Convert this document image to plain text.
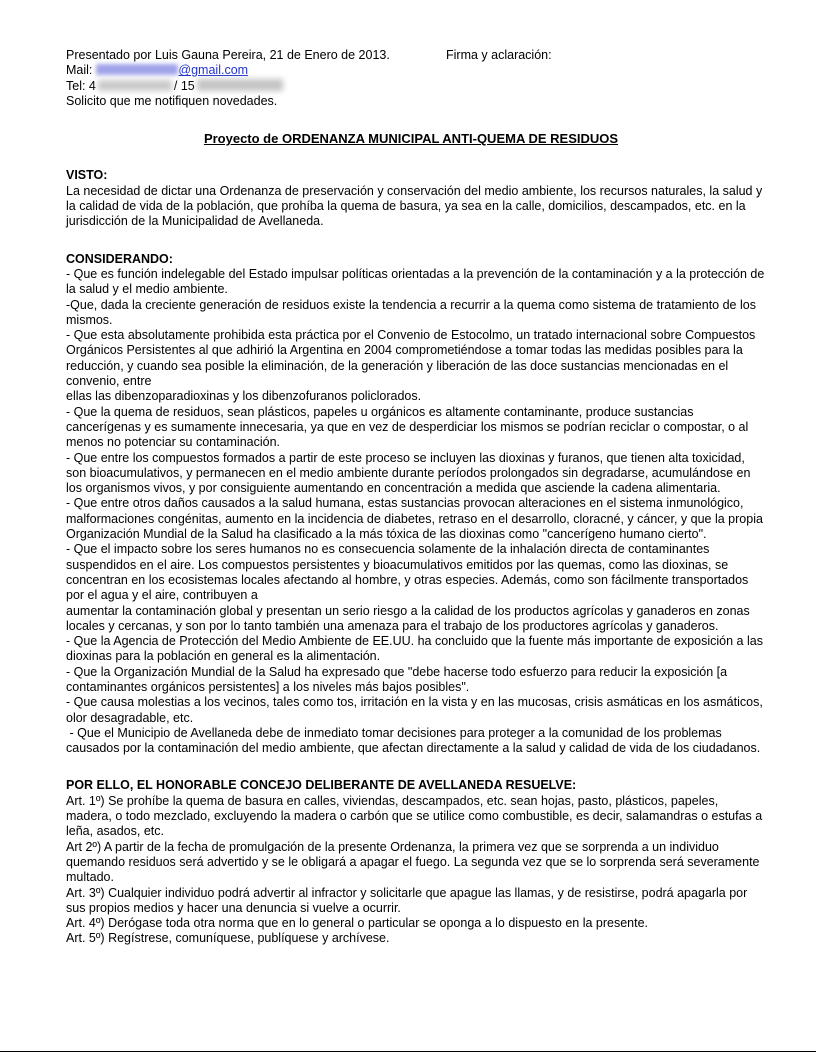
Presentado por Luis Gauna Pereira, 21 de Enero de 2013.	Firma y aclaración:
Mail:	@gmail.com
Tel: 4	/ 15
Solicito que me notifiquen novedades.
Proyecto de ORDENANZA MUNICIPAL ANTI-QUEMA DE RESIDUOS
VISTO:

La necesidad de dictar una Ordenanza de preservación y conservación del medio ambiente, los recursos naturales, la salud y la calidad de vida de la población, que prohíba la quema de basura, ya sea en la calle, domicilios, descampados, etc. en la jurisdicción de la Municipalidad de Avellaneda.

CONSIDERANDO:

- Que es función indelegable del Estado impulsar políticas orientadas a la prevención de la contaminación y a la protección de la salud y el medio ambiente.

-Que, dada la creciente generación de residuos existe la tendencia a recurrir a la quema como sistema de tratamiento de los mismos.

- Que esta absolutamente prohibida esta práctica por el Convenio de Estocolmo, un tratado internacional sobre Compuestos Orgánicos Persistentes al que adhirió la Argentina en 2004 comprometiéndose a tomar todas las medidas posibles para la reducción, y cuando sea posible la eliminación, de la generación y liberación de las doce sustancias mencionadas en el convenio, entre

ellas las dibenzoparadioxinas y los dibenzofuranos policlorados.

- Que la quema de residuos, sean plásticos, papeles u orgánicos es altamente contaminante, produce sustancias cancerígenas y es sumamente innecesaria, ya que en vez de desperdiciar los mismos se podrían reciclar o compostar, o al menos no potenciar su contaminación.

- Que entre los compuestos formados a partir de este proceso se incluyen las dioxinas y furanos, que tienen alta toxicidad, son bioacumulativos, y permanecen en el medio ambiente durante períodos prolongados sin degradarse, acumulándose en los organismos vivos, y por consiguiente aumentando en concentración a medida que asciende la cadena alimentaria.

- Que entre otros daños causados a la salud humana, estas sustancias provocan alteraciones en el sistema inmunológico, malformaciones congénitas, aumento en la incidencia de diabetes, retraso en el desarrollo, cloracné, y cáncer, y que la propia Organización Mundial de la Salud ha clasificado a la más tóxica de las dioxinas como "cancerígeno humano cierto".

- Que el impacto sobre los seres humanos no es consecuencia solamente de la inhalación directa de contaminantes suspendidos en el aire. Los compuestos persistentes y bioacumulativos emitidos por las quemas, como las dioxinas, se concentran en los ecosistemas locales afectando al hombre, y otras especies. Además, como son fácilmente transportados  por el agua y el aire, contribuyen a

aumentar la contaminación global y presentan un serio riesgo a la calidad de los productos agrícolas y ganaderos en zonas locales y cercanas, y son por lo tanto también una amenaza para el trabajo de los productores agrícolas y ganaderos.

- Que la Agencia de Protección del Medio Ambiente de EE.UU. ha concluido que la fuente más importante de exposición a las dioxinas para la población en general es la alimentación.

- Que la Organización Mundial de la Salud ha expresado que "debe hacerse todo esfuerzo para reducir la exposición [a contaminantes orgánicos persistentes] a los niveles más bajos posibles".

- Que causa molestias a los vecinos, tales como tos, irritación en la vista y en las mucosas, crisis asmáticas en los asmáticos, olor desagradable, etc.

- Que el Municipio de Avellaneda debe de inmediato tomar decisiones para proteger a la comunidad de los problemas causados por la contaminación del medio ambiente, que afectan directamente a la salud y calidad de vida de los ciudadanos.

POR ELLO, EL HONORABLE CONCEJO DELIBERANTE DE AVELLANEDA RESUELVE:

Art. 1º) Se prohíbe la quema de basura en calles, viviendas, descampados, etc. sean hojas, pasto, plásticos, papeles, madera, o todo mezclado, excluyendo la madera o carbón que se utilice como combustible, es decir, salamandras o estufas a leña, asados, etc.

Art 2º) A partir de la fecha de promulgación de la presente Ordenanza, la primera vez que se sorprenda a un individuo quemando residuos será advertido y se le obligará a apagar el fuego. La segunda vez que se lo sorprenda será severamente multado.

Art. 3º) Cualquier individuo podrá advertir al infractor y solicitarle que apague las llamas, y de resistirse, podrá apagarla por sus propios medios y hacer una denuncia si vuelve a ocurrir.

Art. 4º) Derógase toda otra norma que en lo general o particular se oponga a lo dispuesto en la presente.

Art. 5º) Regístrese, comuníquese, publíquese y archívese.
